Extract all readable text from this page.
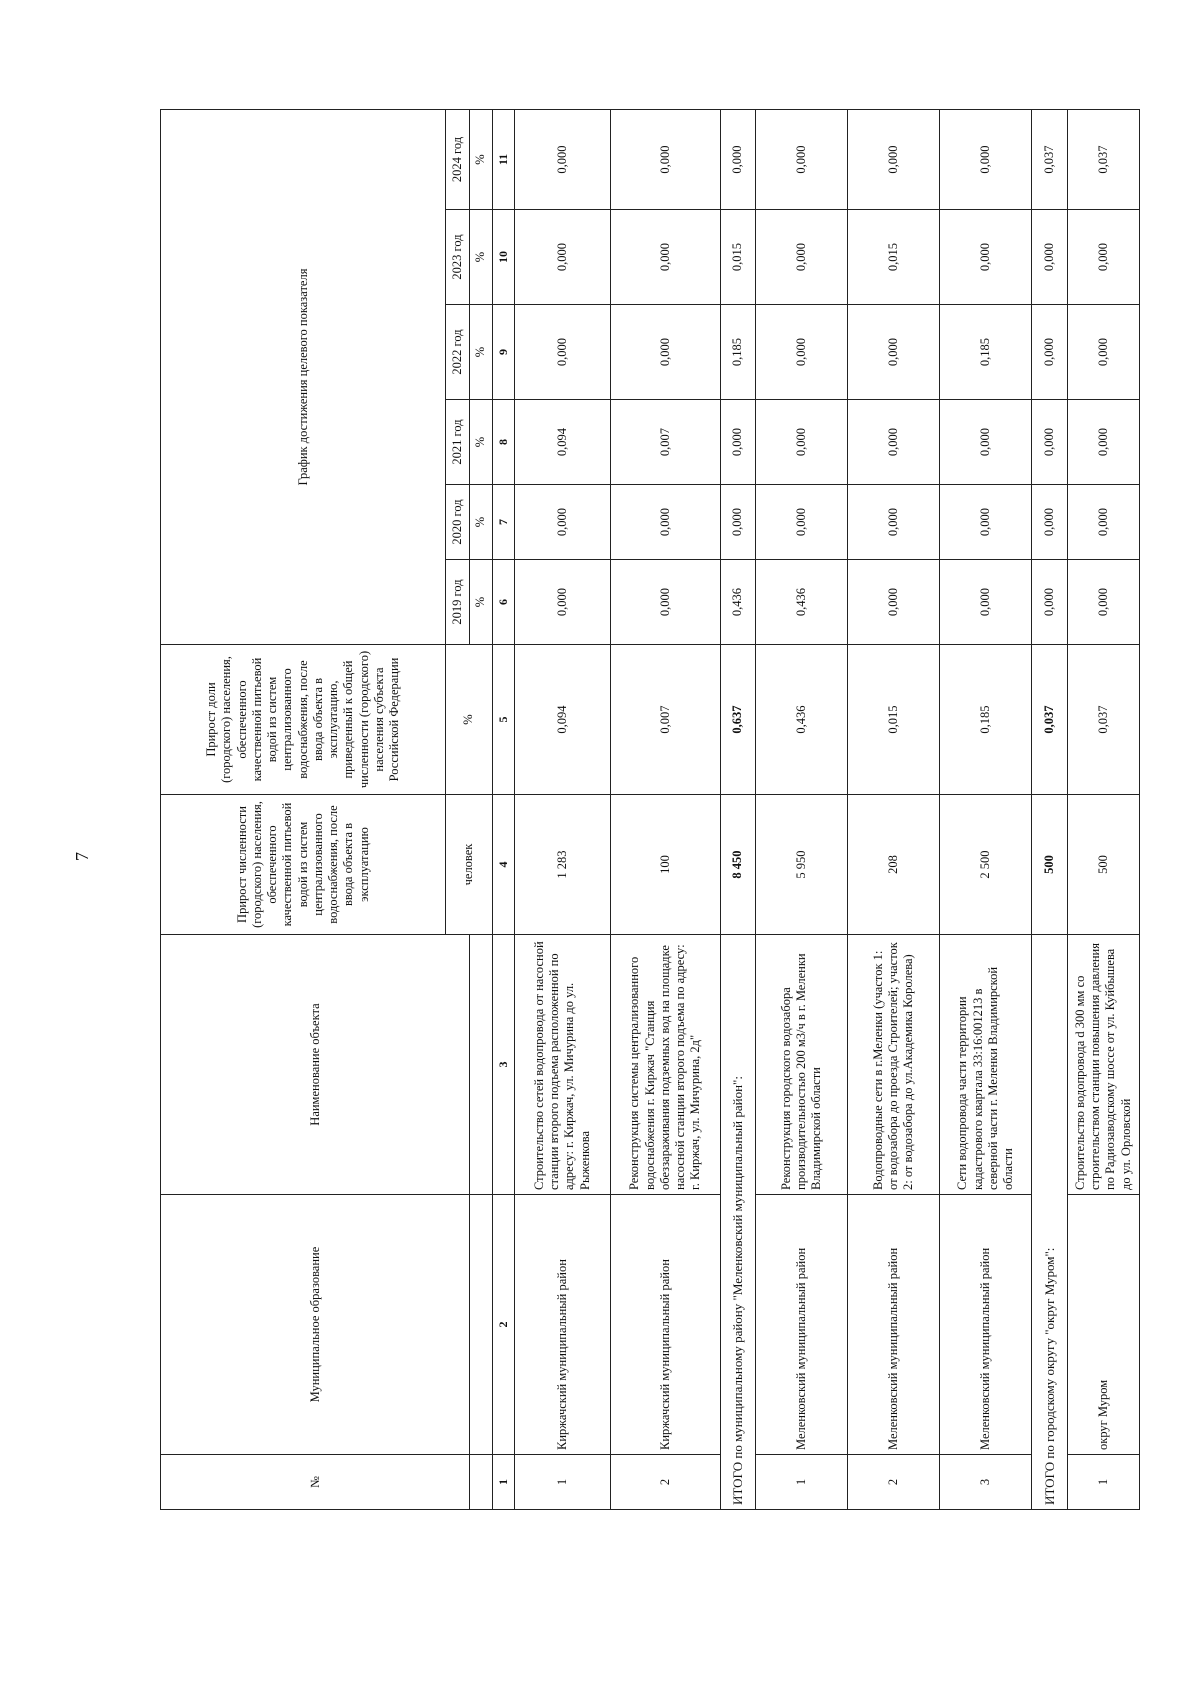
7
№	Муниципальное образование	Наименование объекта	Прирост численности (городского) населения, обеспеченного качественной питьевой водой из систем централизованного водоснабжения, после ввода объекта в эксплуатацию	Прирост доли (городского) населения, обеспеченного качественной питьевой водой из систем централизованного водоснабжения, после ввода объекта в эксплуатацию, приведенный к общей численности (городского) населения субъекта Российской Федерации	График достижения целевого показателя					
			человек	%	2019 год	2020 год	2021 год	2022 год	2023 год	2024 год
					%	%	%	%	%	%
1	2	3	4	5	6	7	8	9	10	11
1	Киржачский муниципальный район	Строительство сетей водопровода от насосной станции второго подъема расположенной по адресу: г. Киржач, ул. Мичурина до ул. Рыженкова	1 283	0,094	0,000	0,000	0,094	0,000	0,000	0,000
2	Киржачский муниципальный район	Реконструкция системы централизованного водоснабжения г. Киржач "Станция обеззараживания подземных вод на площадке насосной станции второго подъема по адресу: г. Киржач, ул. Мичурина, 2д"	100	0,007	0,000	0,000	0,007	0,000	0,000	0,000
ИТОГО по муниципальному району "Меленковский муниципальный район":			8 450	0,637	0,436	0,000	0,000	0,185	0,015	0,000
1	Меленковский муниципальный район	Реконструкция городского водозабора производительностью 200 м3/ч в г. Меленки Владимирской области	5 950	0,436	0,436	0,000	0,000	0,000	0,000	0,000
2	Меленковский муниципальный район	Водопроводные сети в г.Меленки (участок 1: от водозабора до проезда Строителей; участок 2: от водозабора до ул.Академика Королева)	208	0,015	0,000	0,000	0,000	0,000	0,015	0,000
3	Меленковский муниципальный район	Сети водопровода части территории кадастрового квартала 33:16:001213 в северной части г. Меленки Владимирской области	2 500	0,185	0,000	0,000	0,000	0,185	0,000	0,000
ИТОГО по городскому округу "округ Муром":			500	0,037	0,000	0,000	0,000	0,000	0,000	0,037
1	округ Муром	Строительство водопровода d 300 мм со строительством станции повышения давления по Радиозаводскому шоссе от ул. Куйбышева до ул. Орловской	500	0,037	0,000	0,000	0,000	0,000	0,000	0,037
